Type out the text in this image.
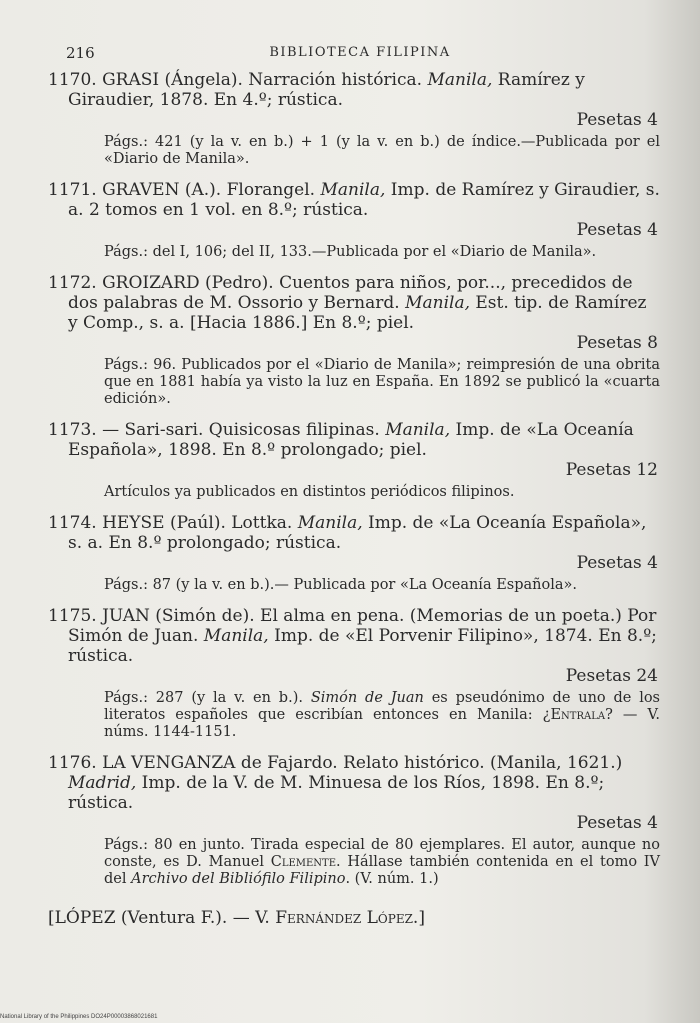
216	BIBLIOTECA FILIPINA
1170. GRASI (Ángela). Narración histórica. Manila, Ramírez y Giraudier, 1878. En 4.º; rústica.
Pesetas 4
Págs.: 421 (y la v. en b.) + 1 (y la v. en b.) de índice.—Publicada por el «Diario de Manila».
1171. GRAVEN (A.). Florangel. Manila, Imp. de Ramírez y Giraudier, s. a. 2 tomos en 1 vol. en 8.º; rústica.
Pesetas 4
Págs.: del I, 106; del II, 133.—Publicada por el «Diario de Manila».
1172. GROIZARD (Pedro). Cuentos para niños, por..., precedidos de dos palabras de M. Ossorio y Bernard. Manila, Est. tip. de Ramírez y Comp., s. a. [Hacia 1886.] En 8.º; piel.
Pesetas 8
Págs.: 96. Publicados por el «Diario de Manila»; reimpresión de una obrita que en 1881 había ya visto la luz en España. En 1892 se publicó la «cuarta edición».
1173. — Sari-sari. Quisicosas filipinas. Manila, Imp. de «La Oceanía Española», 1898. En 8.º prolongado; piel.
Pesetas 12
Artículos ya publicados en distintos periódicos filipinos.
1174. HEYSE (Paúl). Lottka. Manila, Imp. de «La Oceanía Española», s. a. En 8.º prolongado; rústica.
Pesetas 4
Págs.: 87 (y la v. en b.).— Publicada por «La Oceanía Española».
1175. JUAN (Simón de). El alma en pena. (Memorias de un poeta.) Por Simón de Juan. Manila, Imp. de «El Porvenir Filipino», 1874. En 8.º; rústica.
Pesetas 24
Págs.: 287 (y la v. en b.). Simón de Juan es pseudónimo de uno de los literatos españoles que escribían entonces en Manila: ¿Entrala? — V. núms. 1144-1151.
1176. LA VENGANZA de Fajardo. Relato histórico. (Manila, 1621.) Madrid, Imp. de la V. de M. Minuesa de los Ríos, 1898. En 8.º; rústica.
Pesetas 4
Págs.: 80 en junto. Tirada especial de 80 ejemplares. El autor, aunque no conste, es D. Manuel Clemente. Hállase también contenida en el tomo IV del Archivo del Bibliófilo Filipino. (V. núm. 1.)
[LÓPEZ (Ventura F.). — V. Fernández López.]
National Library of the Philippines DO24P00003868021681
